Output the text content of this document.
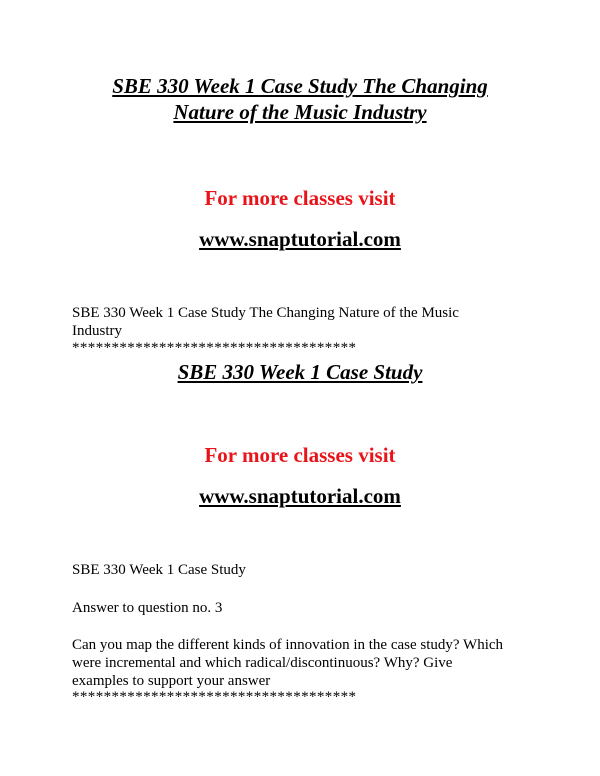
SBE 330 Week 1 Case Study The Changing
Nature of the Music Industry
For more classes visit
www.snaptutorial.com
SBE 330 Week 1 Case Study The Changing Nature of the Music
Industry
************************************
SBE 330 Week 1 Case Study
For more classes visit
www.snaptutorial.com
SBE 330 Week 1 Case Study
Answer to question no. 3
Can you map the different kinds of innovation in the case study? Which
were incremental and which radical/discontinuous? Why? Give
examples to support your answer
************************************
